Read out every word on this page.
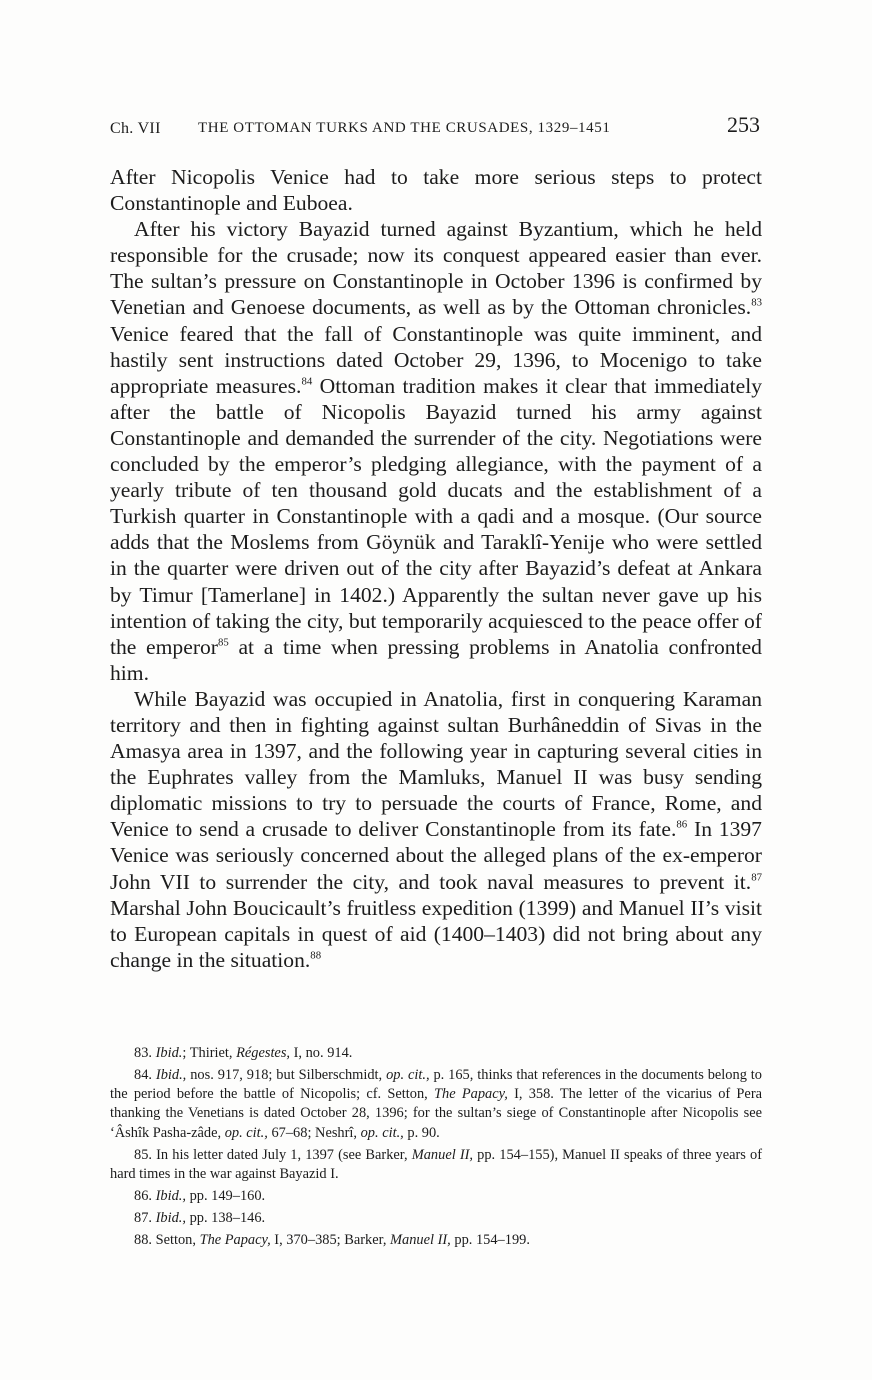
Ch. VII THE OTTOMAN TURKS AND THE CRUSADES, 1329–1451	253

After Nicopolis Venice had to take more serious steps to protect Constantinople and Euboea.

After his victory Bayazid turned against Byzantium, which he held responsible for the crusade; now its conquest appeared easier than ever. The sultan’s pressure on Constantinople in October 1396 is confirmed by Venetian and Genoese documents, as well as by the Ottoman chronicles.$^{83}$ Venice feared that the fall of Constantinople was quite imminent, and hastily sent instructions dated October 29, 1396, to Mocenigo to take appropriate measures.$^{84}$ Ottoman tradition makes it clear that immediately after the battle of Nicopolis Bayazid turned his army against Constantinople and demanded the surrender of the city. Negotiations were concluded by the emperor’s pledging allegiance, with the payment of a yearly tribute of ten thousand gold ducats and the establishment of a Turkish quarter in Constantinople with a qadi and a mosque. (Our source adds that the Moslems from Göynük and Taraklî-Yenije who were settled in the quarter were driven out of the city after Bayazid’s defeat at Ankara by Timur [Tamerlane] in 1402.) Apparently the sultan never gave up his intention of taking the city, but temporarily acquiesced to the peace offer of the emperor$^{85}$ at a time when pressing problems in Anatolia confronted him.

While Bayazid was occupied in Anatolia, first in conquering Karaman territory and then in fighting against sultan Burhâneddin of Sivas in the Amasya area in 1397, and the following year in capturing several cities in the Euphrates valley from the Mamluks, Manuel II was busy sending diplomatic missions to try to persuade the courts of France, Rome, and Venice to send a crusade to deliver Constantinople from its fate.$^{86}$ In 1397 Venice was seriously concerned about the alleged plans of the ex-emperor John VII to surrender the city, and took naval measures to prevent it.$^{87}$ Marshal John Boucicault’s fruitless expedition (1399) and Manuel II’s visit to European capitals in quest of aid (1400–1403) did not bring about any change in the situation.$^{88}$

83. Ibid.; Thiriet, Régestes, I, no. 914.

84. Ibid., nos. 917, 918; but Silberschmidt, op. cit., p. 165, thinks that references in the documents belong to the period before the battle of Nicopolis; cf. Setton, The Papacy, I, 358. The letter of the vicarius of Pera thanking the Venetians is dated October 28, 1396; for the sultan’s siege of Constantinople after Nicopolis see ‘Âshîk Pasha-zâde, op. cit., 67–68; Neshrî, op. cit., p. 90.

85. In his letter dated July 1, 1397 (see Barker, Manuel II, pp. 154–155), Manuel II speaks of three years of hard times in the war against Bayazid I.

86. Ibid., pp. 149–160.

87. Ibid., pp. 138–146.

88. Setton, The Papacy, I, 370–385; Barker, Manuel II, pp. 154–199.
